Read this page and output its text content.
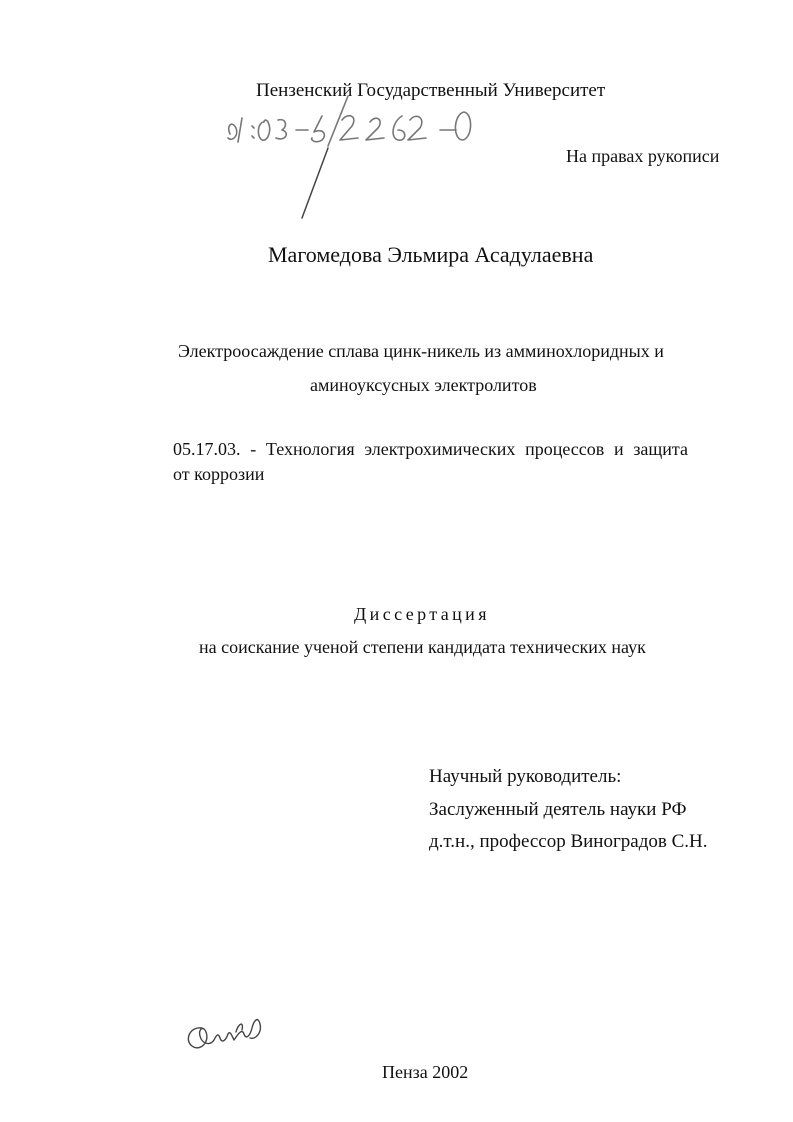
Пензенский Государственный Университет
На правах рукописи
Магомедова Эльмира Асадулаевна
Электроосаждение сплава цинк-никель из амминохлоридных и
аминоуксусных электролитов
05.17.03. - Технология электрохимических процессов и защита
от коррозии
Диссертация
на соискание ученой степени кандидата технических наук
Научный руководитель:
Заслуженный деятель науки РФ
д.т.н., профессор Виноградов С.Н.
Пенза 2002
